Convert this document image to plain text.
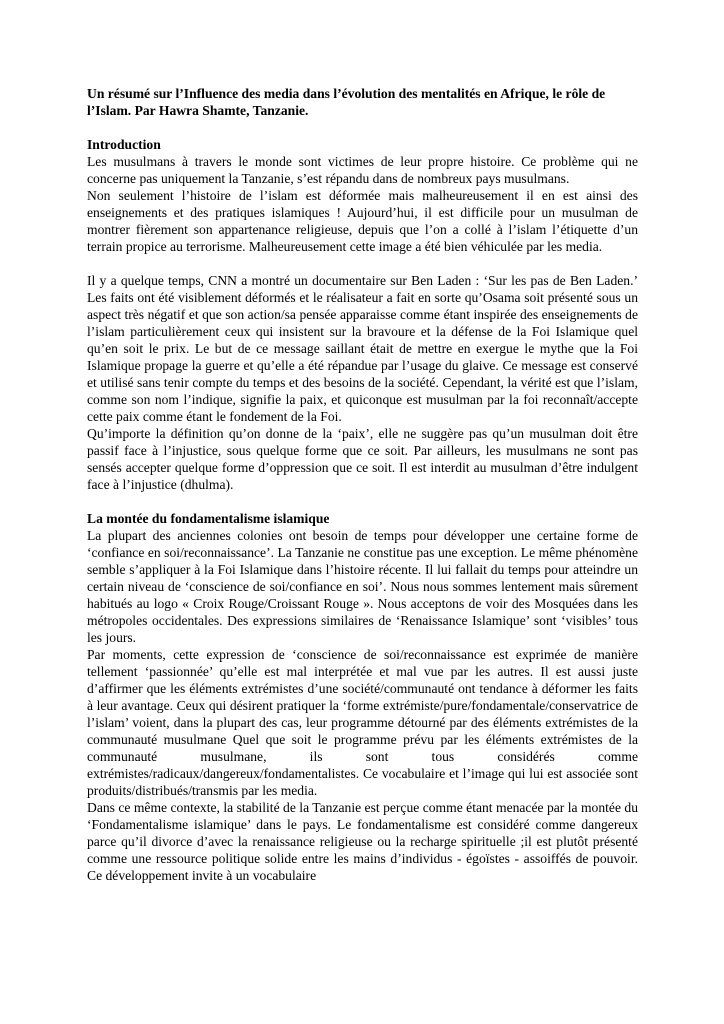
Un résumé sur l’Influence des media dans l’évolution des mentalités en Afrique, le rôle de l’Islam. Par Hawra Shamte, Tanzanie.

Introduction

Les musulmans à travers le monde sont victimes de leur propre histoire. Ce problème qui ne concerne pas uniquement la Tanzanie, s’est répandu dans de nombreux pays musulmans.

Non seulement l’histoire de l’islam est déformée mais malheureusement il en est ainsi des enseignements et des pratiques islamiques ! Aujourd’hui, il est difficile pour un musulman de montrer fièrement son appartenance religieuse, depuis que l’on a collé à l’islam l’étiquette d’un terrain propice au terrorisme. Malheureusement cette image a été bien véhiculée par les media.

Il y a quelque temps, CNN a montré un documentaire sur Ben Laden : ‘Sur les pas de Ben Laden.’ Les faits ont été visiblement déformés et le réalisateur a fait en sorte qu’Osama soit présenté sous un aspect très négatif et que son action/sa pensée apparaisse comme étant inspirée des enseignements de l’islam particulièrement ceux qui insistent sur la bravoure et la défense de la Foi Islamique quel qu’en soit le prix. Le but de ce message saillant était de mettre en exergue le mythe que la Foi Islamique propage la guerre et qu’elle a été répandue par l’usage du glaive. Ce message est conservé et utilisé sans tenir compte du temps et des besoins de la société. Cependant, la vérité est que l’islam, comme son nom l’indique, signifie la paix, et quiconque est musulman par la foi reconnaît/accepte cette paix comme étant le fondement de la Foi.

Qu’importe la définition qu’on donne de la ‘paix’, elle ne suggère pas qu’un musulman doit être passif face à l’injustice, sous quelque forme que ce soit. Par ailleurs, les musulmans ne sont pas sensés accepter quelque forme d’oppression que ce soit. Il est interdit au musulman d’être indulgent face à l’injustice (dhulma).

La montée du fondamentalisme islamique

La plupart des anciennes colonies ont besoin de temps pour développer une certaine forme de ‘confiance en soi/reconnaissance’. La Tanzanie ne constitue pas une exception. Le même phénomène semble s’appliquer à la Foi Islamique dans l’histoire récente. Il lui fallait du temps pour atteindre un certain niveau de ‘conscience de soi/confiance en soi’. Nous nous sommes lentement mais sûrement habitués au logo « Croix Rouge/Croissant Rouge ». Nous acceptons de voir des Mosquées dans les métropoles occidentales. Des expressions similaires de ‘Renaissance Islamique’ sont ‘visibles’ tous les jours.

Par moments, cette expression de ‘conscience de soi/reconnaissance est exprimée de manière tellement ‘passionnée’ qu’elle est mal interprétée et mal vue par les autres. Il est aussi juste d’affirmer que les éléments extrémistes d’une société/communauté ont tendance à déformer les faits à leur avantage. Ceux qui désirent pratiquer la ‘forme extrémiste/pure/fondamentale/conservatrice de l’islam’ voient, dans la plupart des cas, leur programme détourné par des éléments extrémistes de la communauté musulmane Quel que soit le programme prévu par les éléments extrémistes de la communauté musulmane, ils sont tous considérés comme extrémistes/radicaux/dangereux/fondamentalistes. Ce vocabulaire et l’image qui lui est associée sont produits/distribués/transmis par les media.

Dans ce même contexte, la stabilité de la Tanzanie est perçue comme étant menacée par la montée du ‘Fondamentalisme islamique’ dans le pays. Le fondamentalisme est considéré comme dangereux parce qu’il divorce d’avec la renaissance religieuse ou la recharge spirituelle ;il est plutôt présenté comme une ressource politique solide entre les mains d’individus - égoïstes - assoiffés de pouvoir. Ce développement invite à un vocabulaire
